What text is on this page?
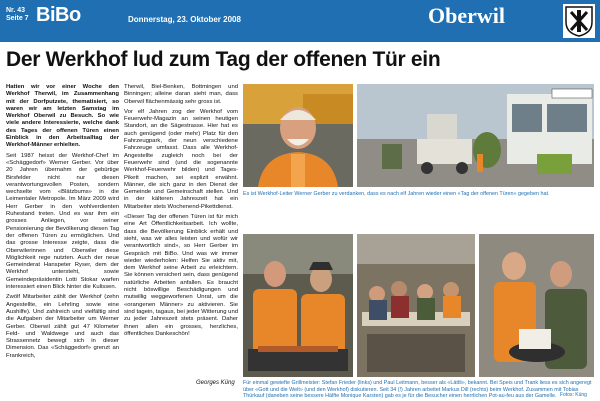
Nr. 43
Seite 7 BiBo	Donnerstag, 23. Oktober 2008	Oberwil
Der Werkhof lud zum Tag der offenen Tür ein

Hatten wir vor einer Woche den Werkhof Therwil, im Zusammenhang mit der Dorfputzete, thematisiert, so waren wir am letzten Samstag im Werkhof Oberwil zu Besuch. So wie viele andere Interessierte, welche dank des Tages der offenen Türen einen Einblick in den Arbeitsalltag der Werkhof-Männer erhielten.

Seit 1987 heisst der Werkhof-Chef im «Schäggedorf» Werner Gerber. Vor über 20 Jahren übernahm der gebürtige Birsfelder nicht nur diesen verantwortungsvollen Posten, sondern wechselte vom «Blätzbums» in die Leimentaler Metropole. Im März 2009 wird Herr Gerber in den wohlverdienten Ruhestand treten. Und es war ihm ein grosses Anliegen, vor seiner Pensionierung der Bevölkerung diesen Tag der offenen Türen zu ermöglichen. Und das grosse Interesse zeigte, dass die Oberwilerinnen und Oberwiler diese Möglichkeit rege nutzten. Auch der neue Gemeinderat Hanspeter Ryser, dem der Werkhof untersteht, sowie Gemeindepräsidentin Lotti Stokar warfen interessiert einen Blick hinter die Kulissen.

Zwölf Mitarbeiter zählt der Werkhof (zehn Angestellte, ein Lehrling sowie eine Aushilfe). Und zahlreich und vielfältig sind die Aufgaben der Mitarbeiter um Werner Gerber. Oberwil zählt gut 47 Kilometer Feld- und Waldwege und auch das Strassennetz bewegt sich in dieser Dimension. Das «Schäggedorf» grenzt an Frankreich,

Therwil, Biel-Benken, Bottmingen und Binningen; alleine daran sieht man, dass Oberwil flächenmässig sehr gross ist.

Vor elf Jahren zog der Werkhof vom Feuerwehr-Magazin an seinen heutigen Standort, an die Sägestrasse. Hier hat es auch genügend (oder mehr) Platz für den Fahrzeugpark, der neun verschiedene Fahrzeuge umfasst. Dass alle Werkhof-Angestellte zugleich noch bei der Feuerwehr sind (und die sogenannte Werkhof-Feuerwehr bilden) und Tages-Pikett machen, sei explizit erwähnt. Männer, die sich ganz in den Dienst der Gemeinde und Gemeinschaft stellen. Und in der kälteren Jahreszeit hat ein Mitarbeiter stets Wochenend-Pikettdienst.

«Dieser Tag der offenen Türen ist für mich eine Art Öffentlichkeitsarbeit. Ich wollte, dass die Bevölkerung Einblick erhält und sieht, was wir alles leisten und wofür wir verantwortlich sind», so Herr Gerber im Gespräch mit BiBo. Und was wir immer wieder wiederholen: Helfen Sie aktiv mit, dem Werkhof seine Arbeit zu erleichtern. Sie können versichert sein, dass genügend natürliche Arbeiten anfallen. Es braucht nicht böswillige Beschädigungen und mutwillig weggeworfenen Unrat, um die «orangenen Männer» zu aktivieren. Sie sind tagein, tagaus, bei jeder Witterung und zu jeder Jahreszeit stets präsent. Daher ihnen allen ein grosses, herzliches, öffentliches Dankeschön!

Georges Küng
Es ist Werkhof-Leiter Werner Gerber zu verdanken, dass es nach elf Jahren wieder einen «Tag der offenen Türen» gegeben hat.
Für einmal gewiefte Grillmeister: Stefan Frieder (links) und Paul Leitmann, besser als «Lättli», bekannt. Bei Speis und Trank liess es sich angeregt über «Gott und die Welt» (und den Werkhof) diskutieren. Seit 34 (!) Jahren arbeitet Markus Dill (rechts) beim Werkhof. Zusammen mit Tobias Thürkauf (daneben seine bessere Hälfte Monique Karsten) gab es je für die Besucher einen herrlichen Pot-au-feu aus der Gamelle. Fotos: Küng
